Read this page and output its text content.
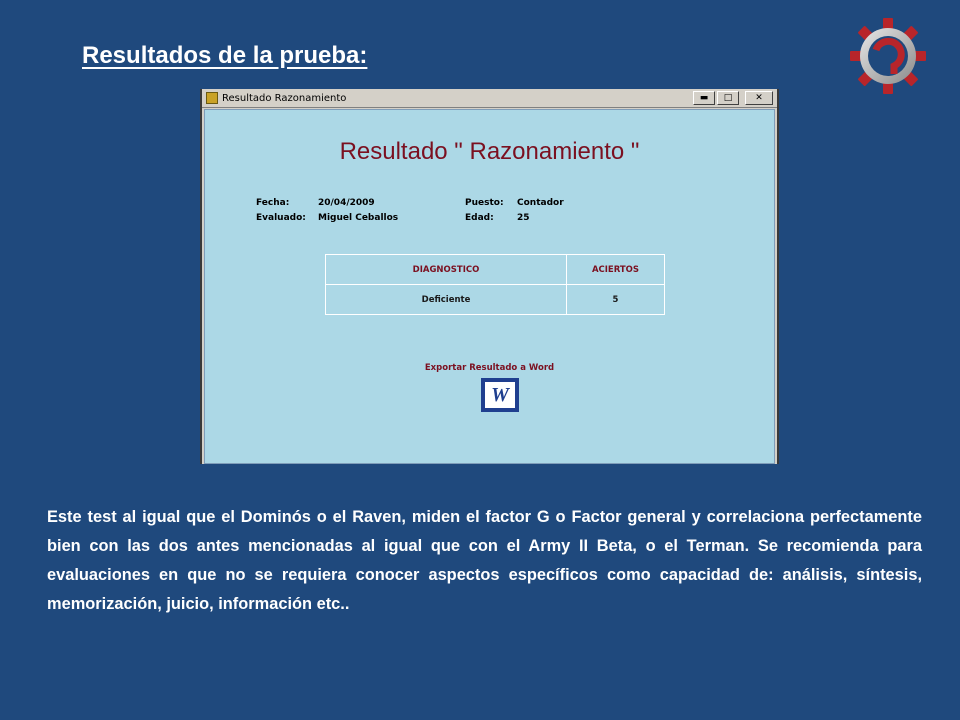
Resultados de la prueba:
Resultado Razonamiento	▬	□	✕
Resultado " Razonamiento "
Fecha:	20/04/2009
Evaluado: Miguel Ceballos
Puesto: Contador
Edad:	25
DIAGNOSTICO	ACIERTOS
Deficiente	5
Exportar Resultado a Word
W

Este test al igual que el Dominós o el Raven, miden el factor G o Factor general y correlaciona perfectamente bien con las dos antes mencionadas al igual que con el Army II Beta, o el Terman. Se recomienda para evaluaciones en que no se requiera conocer aspectos específicos como capacidad de: análisis, síntesis, memorización, juicio, información etc..
